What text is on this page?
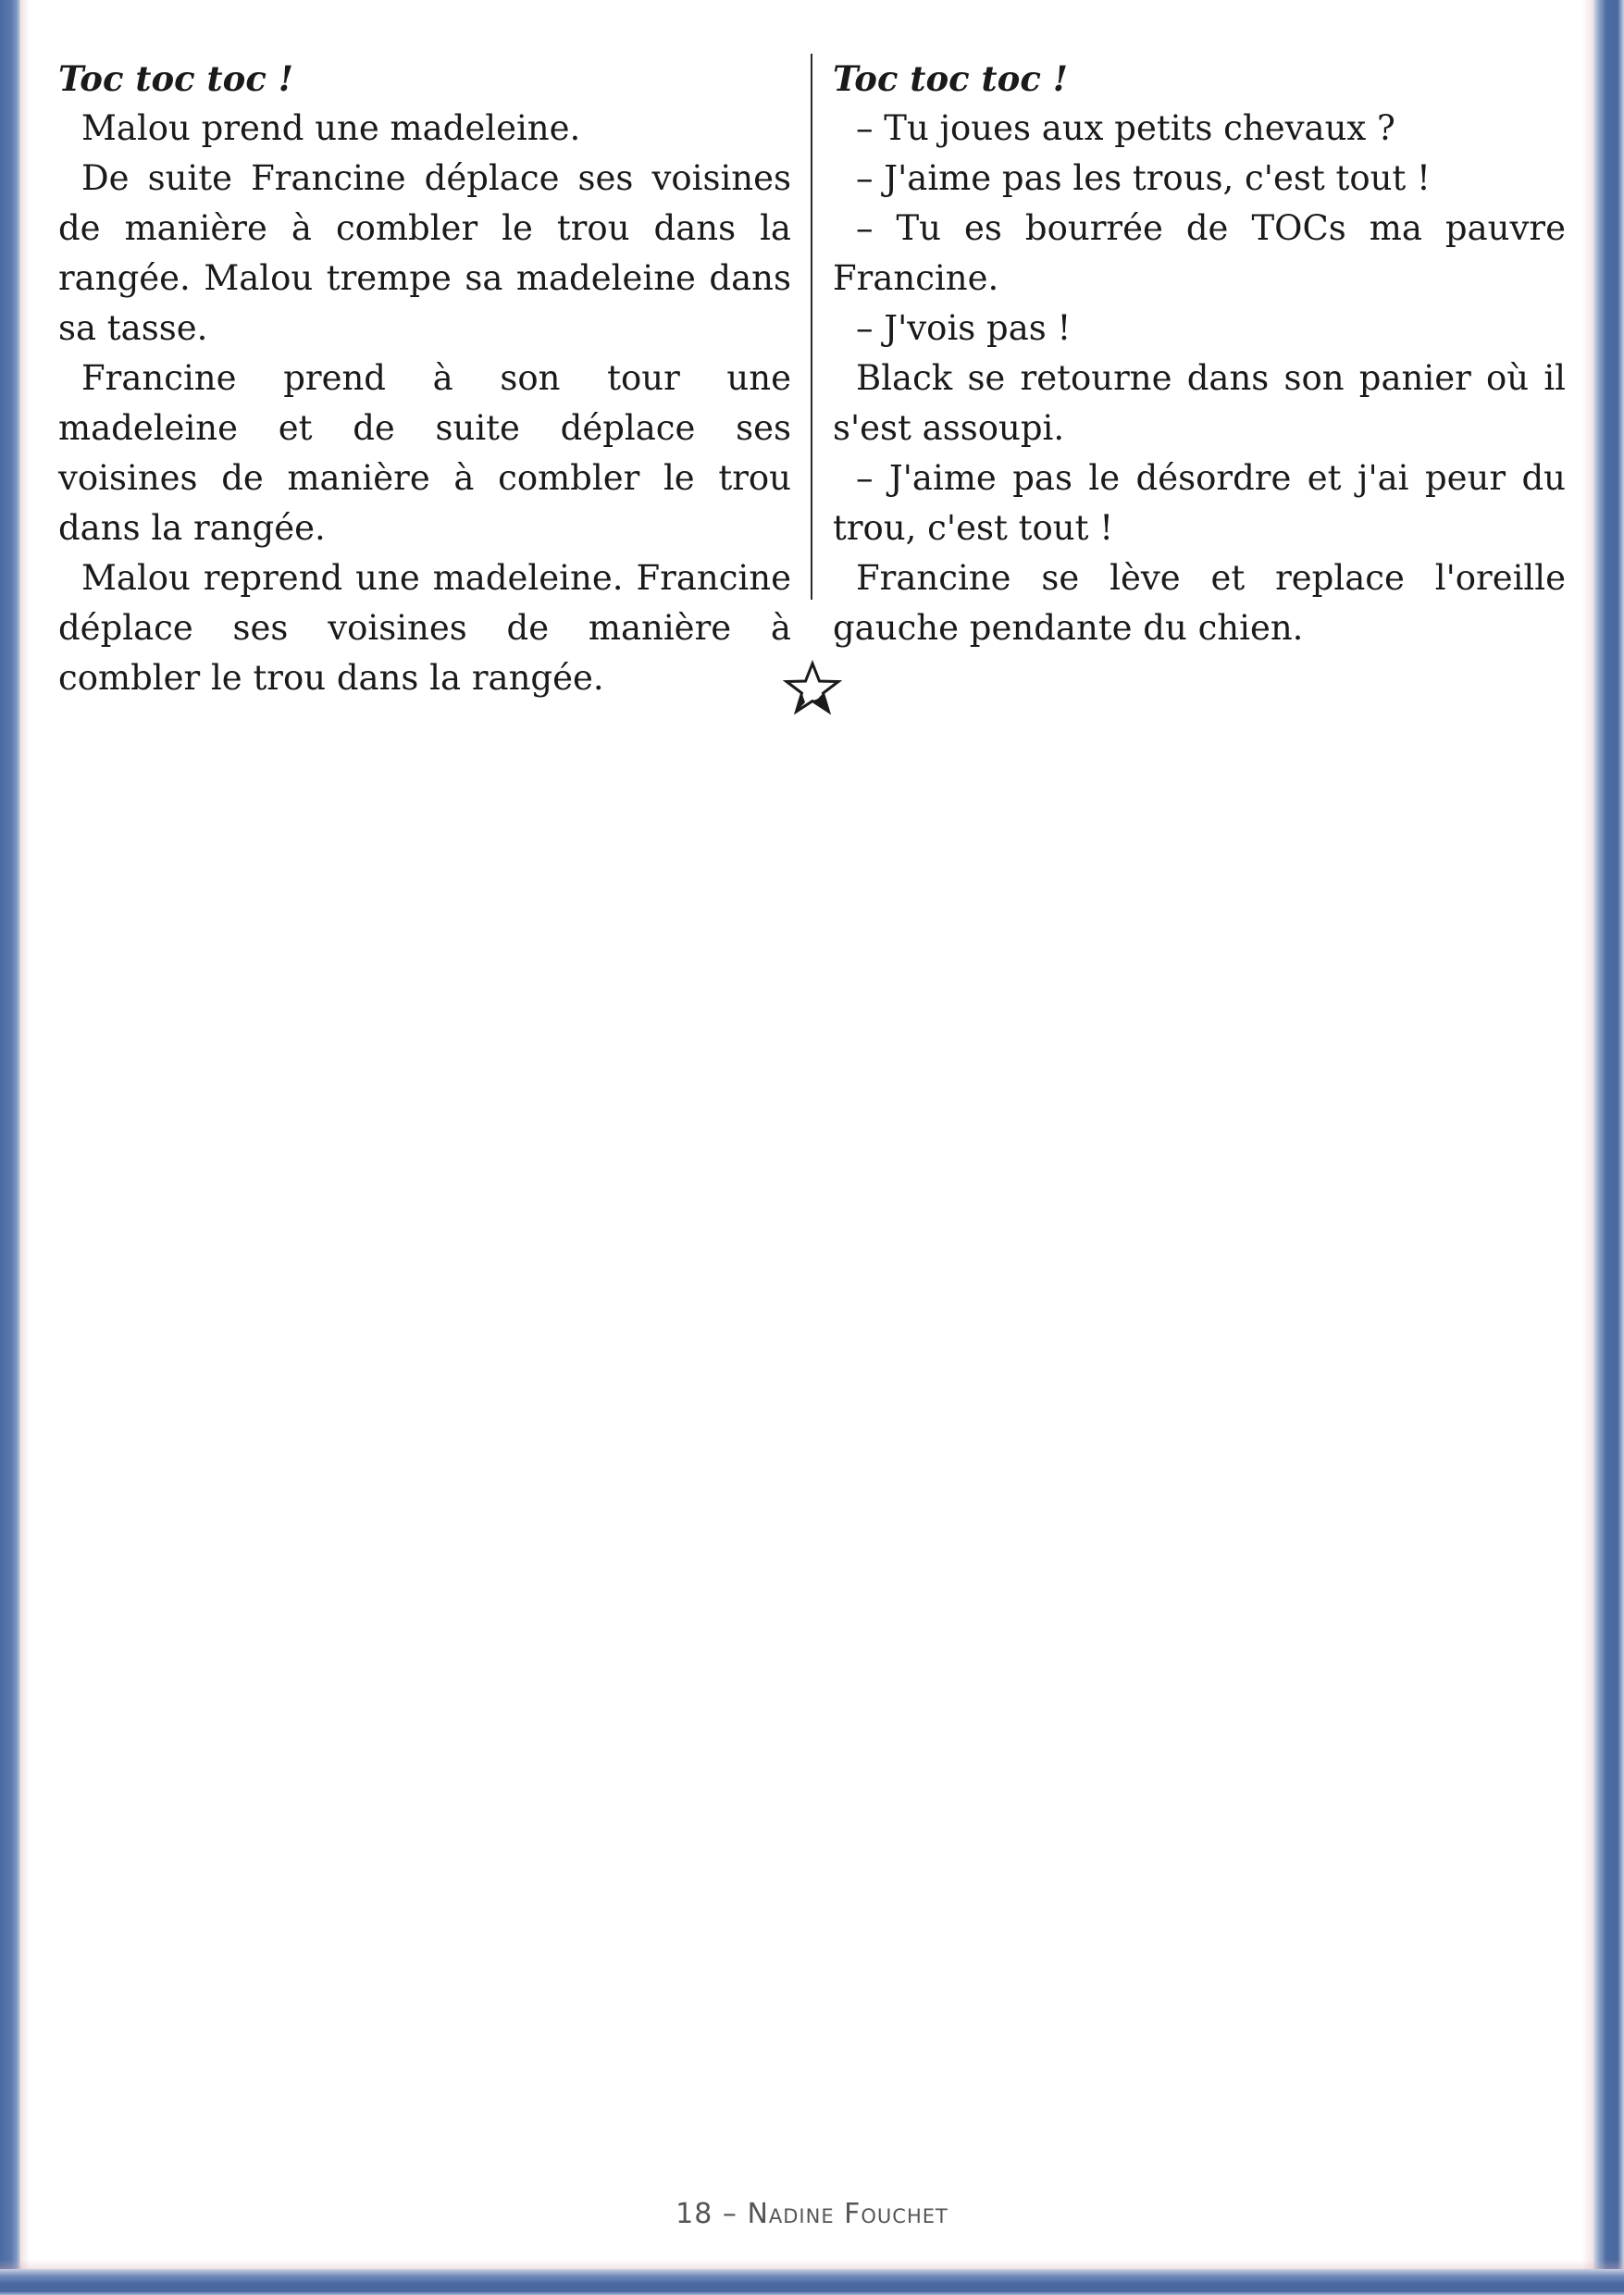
Toc toc toc !

Malou prend une madeleine.

De suite Francine déplace ses voisines de manière à combler le trou dans la rangée. Malou trempe sa madeleine dans sa tasse.

Francine prend à son tour une madeleine et de suite déplace ses voisines de manière à combler le trou dans la rangée.

Malou reprend une madeleine. Francine déplace ses voisines de manière à combler le trou dans la rangée.

Toc toc toc !

– Tu joues aux petits chevaux ?

– J'aime pas les trous, c'est tout !

– Tu es bourrée de TOCs ma pauvre Francine.

– J'vois pas !

Black se retourne dans son panier où il s'est assoupi.

– J'aime pas le désordre et j'ai peur du trou, c'est tout !

Francine se lève et replace l'oreille gauche pendante du chien.

18 – Nadine Fouchet
